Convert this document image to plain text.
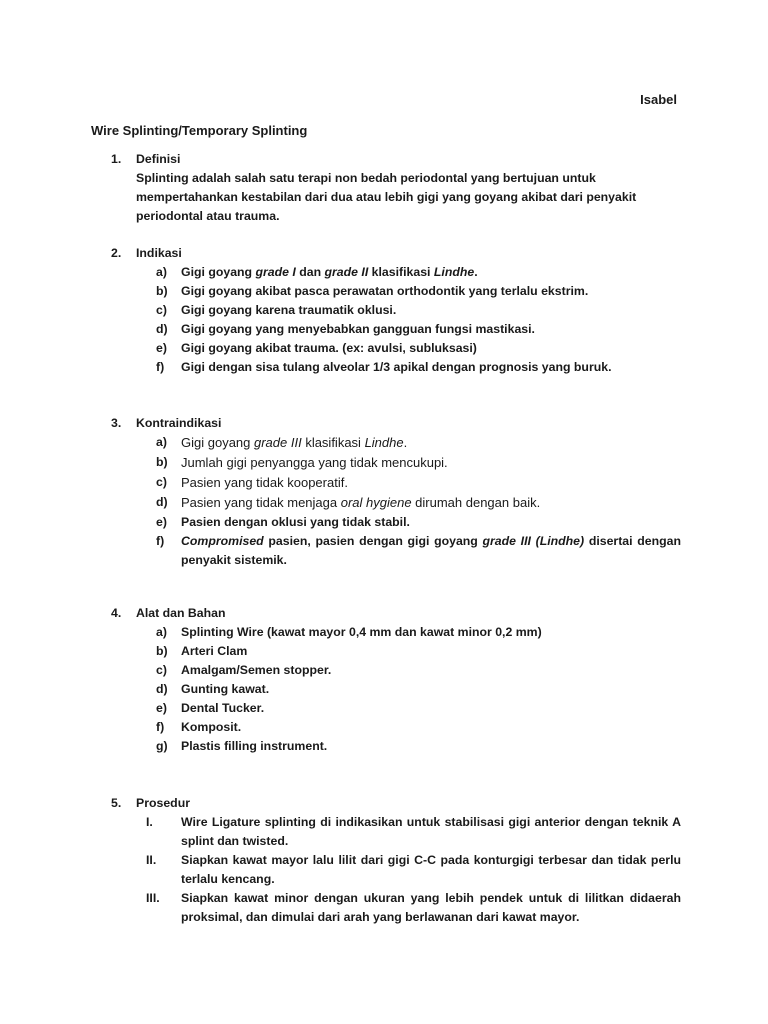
Isabel
Wire Splinting/Temporary Splinting
1. Definisi
Splinting adalah salah satu terapi non bedah periodontal yang bertujuan untuk mempertahankan kestabilan dari dua atau lebih gigi yang goyang akibat dari penyakit periodontal atau trauma.
2. Indikasi
a) Gigi goyang grade I dan grade II klasifikasi Lindhe.
b) Gigi goyang akibat pasca perawatan orthodontik yang terlalu ekstrim.
c) Gigi goyang karena traumatik oklusi.
d) Gigi goyang yang menyebabkan gangguan fungsi mastikasi.
e) Gigi goyang akibat trauma. (ex: avulsi, subluksasi)
f) Gigi dengan sisa tulang alveolar 1/3 apikal dengan prognosis yang buruk.
3. Kontraindikasi
a) Gigi goyang grade III klasifikasi Lindhe.
b) Jumlah gigi penyangga yang tidak mencukupi.
c) Pasien yang tidak kooperatif.
d) Pasien yang tidak menjaga oral hygiene dirumah dengan baik.
e) Pasien dengan oklusi yang tidak stabil.
f) Compromised pasien, pasien dengan gigi goyang grade III (Lindhe) disertai dengan penyakit sistemik.
4. Alat dan Bahan
a) Splinting Wire (kawat mayor 0,4 mm dan kawat minor 0,2 mm)
b) Arteri Clam
c) Amalgam/Semen stopper.
d) Gunting kawat.
e) Dental Tucker.
f) Komposit.
g) Plastis filling instrument.
5. Prosedur
I. Wire Ligature splinting di indikasikan untuk stabilisasi gigi anterior dengan teknik A splint dan twisted.
II. Siapkan kawat mayor lalu lilit dari gigi C-C pada konturgigi terbesar dan tidak perlu terlalu kencang.
III. Siapkan kawat minor dengan ukuran yang lebih pendek untuk di lilitkan didaerah proksimal, dan dimulai dari arah yang berlawanan dari kawat mayor.
